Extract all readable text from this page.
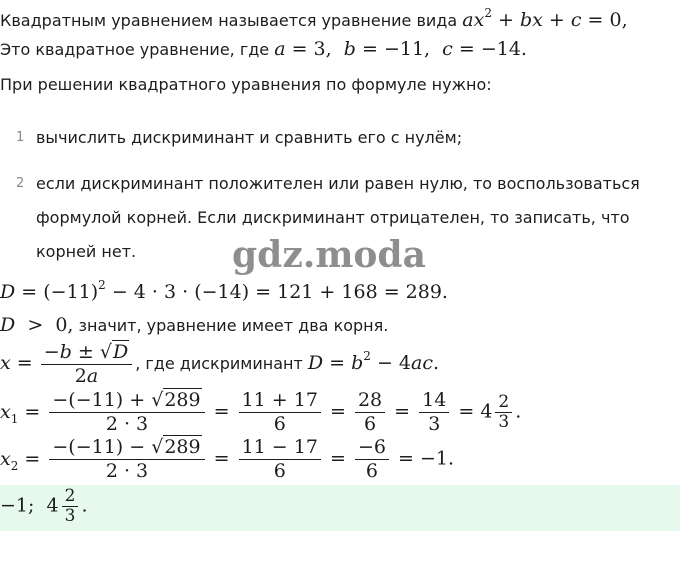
Квадратным уравнением называется уравнение вида $ax^2$ + bx + c = 0,
Это квадратное уравнение, где a = 3,  b = −11,  c = −14.
При решении квадратного уравнения по формуле нужно:
1 вычислить дискриминант и сравнить его с нулём;
2 если дискриминант положителен или равен нулю, то воспользоваться формулой корней. Если дискриминант отрицателен, то записать, что корней нет.	gdz.moda
$D = (-11)^2 - 4 \cdot 3 \cdot (-14) = 121 + 168 = 289$.
D  >  0, значит, уравнение имеет два корня.
$x = \frac{-b \pm √D}{2a}$ , где дискриминант $D = b^2 - 4ac$.
$x_1 = \frac{-(-11) + √289}{2 \cdot 3} = \frac{11 + 17}{6} = \frac{28}{6} = \frac{14}{3} = 4 \frac{2}{3}$ .
$x_2 = \frac{-(-11) - √289}{2 \cdot 3} = \frac{11 - 17}{6} = \frac{-6}{6} = -1$.
−1; $4 \frac{2}{3}$ .
